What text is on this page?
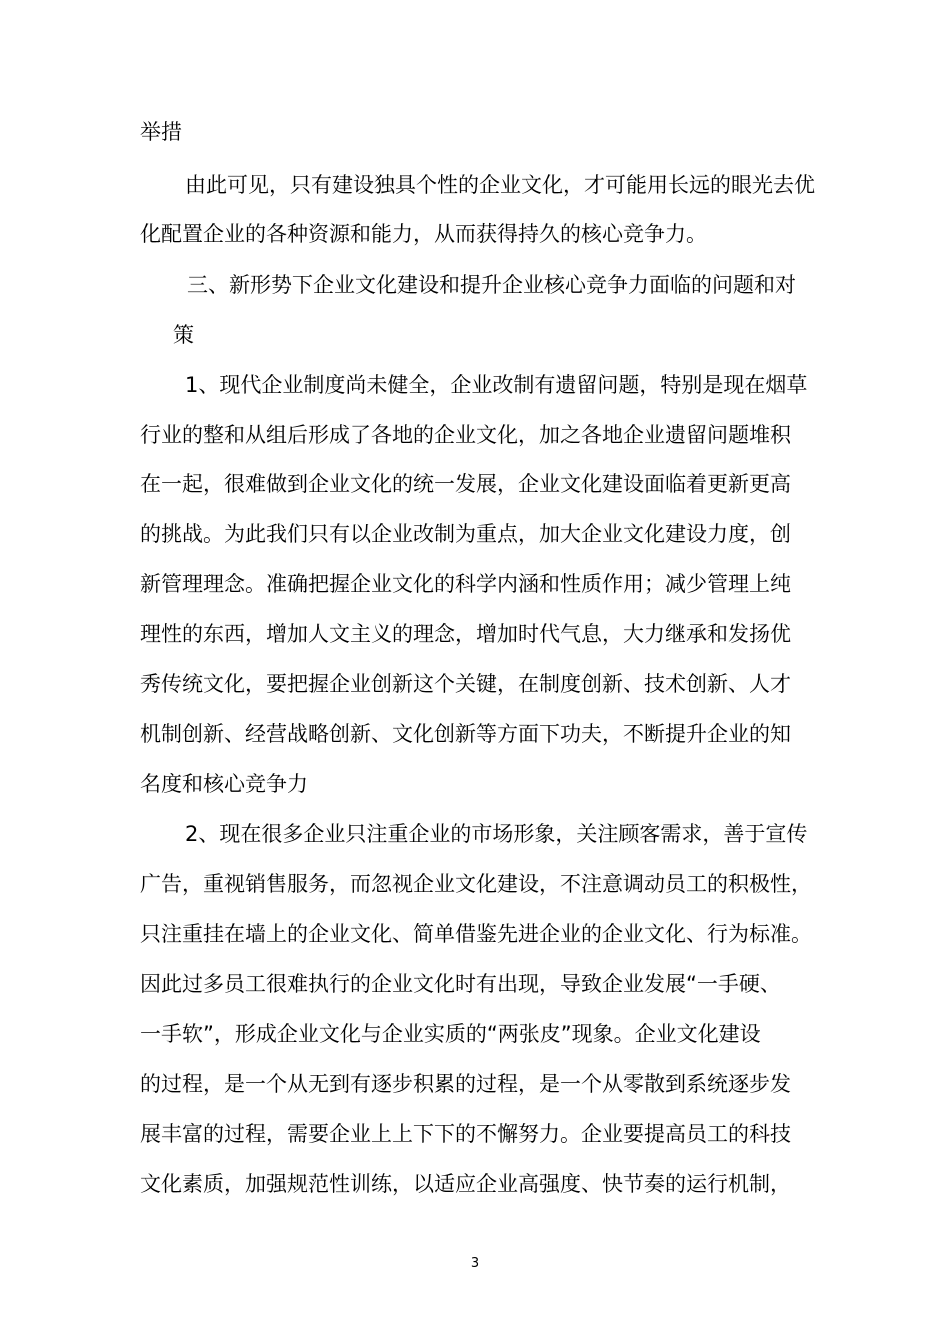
举措
由此可见，只有建设独具个性的企业文化，才可能用长远的眼光去优
化配置企业的各种资源和能力，从而获得持久的核心竞争力。
三、新形势下企业文化建设和提升企业核心竞争力面临的问题和对
策
1、现代企业制度尚未健全，企业改制有遗留问题，特别是现在烟草
行业的整和从组后形成了各地的企业文化，加之各地企业遗留问题堆积
在一起，很难做到企业文化的统一发展，企业文化建设面临着更新更高
的挑战。为此我们只有以企业改制为重点，加大企业文化建设力度，创
新管理理念。准确把握企业文化的科学内涵和性质作用；减少管理上纯
理性的东西，增加人文主义的理念，增加时代气息，大力继承和发扬优
秀传统文化，要把握企业创新这个关键，在制度创新、技术创新、人才
机制创新、经营战略创新、文化创新等方面下功夫，不断提升企业的知
名度和核心竞争力
2、现在很多企业只注重企业的市场形象，关注顾客需求，善于宣传
广告，重视销售服务，而忽视企业文化建设，不注意调动员工的积极性，
只注重挂在墙上的企业文化、简单借鉴先进企业的企业文化、行为标准。
因此过多员工很难执行的企业文化时有出现，导致企业发展“一手硬、
一手软”，形成企业文化与企业实质的“两张皮”现象。企业文化建设
的过程，是一个从无到有逐步积累的过程，是一个从零散到系统逐步发
展丰富的过程，需要企业上上下下的不懈努力。企业要提高员工的科技
文化素质，加强规范性训练，以适应企业高强度、快节奏的运行机制，
3
